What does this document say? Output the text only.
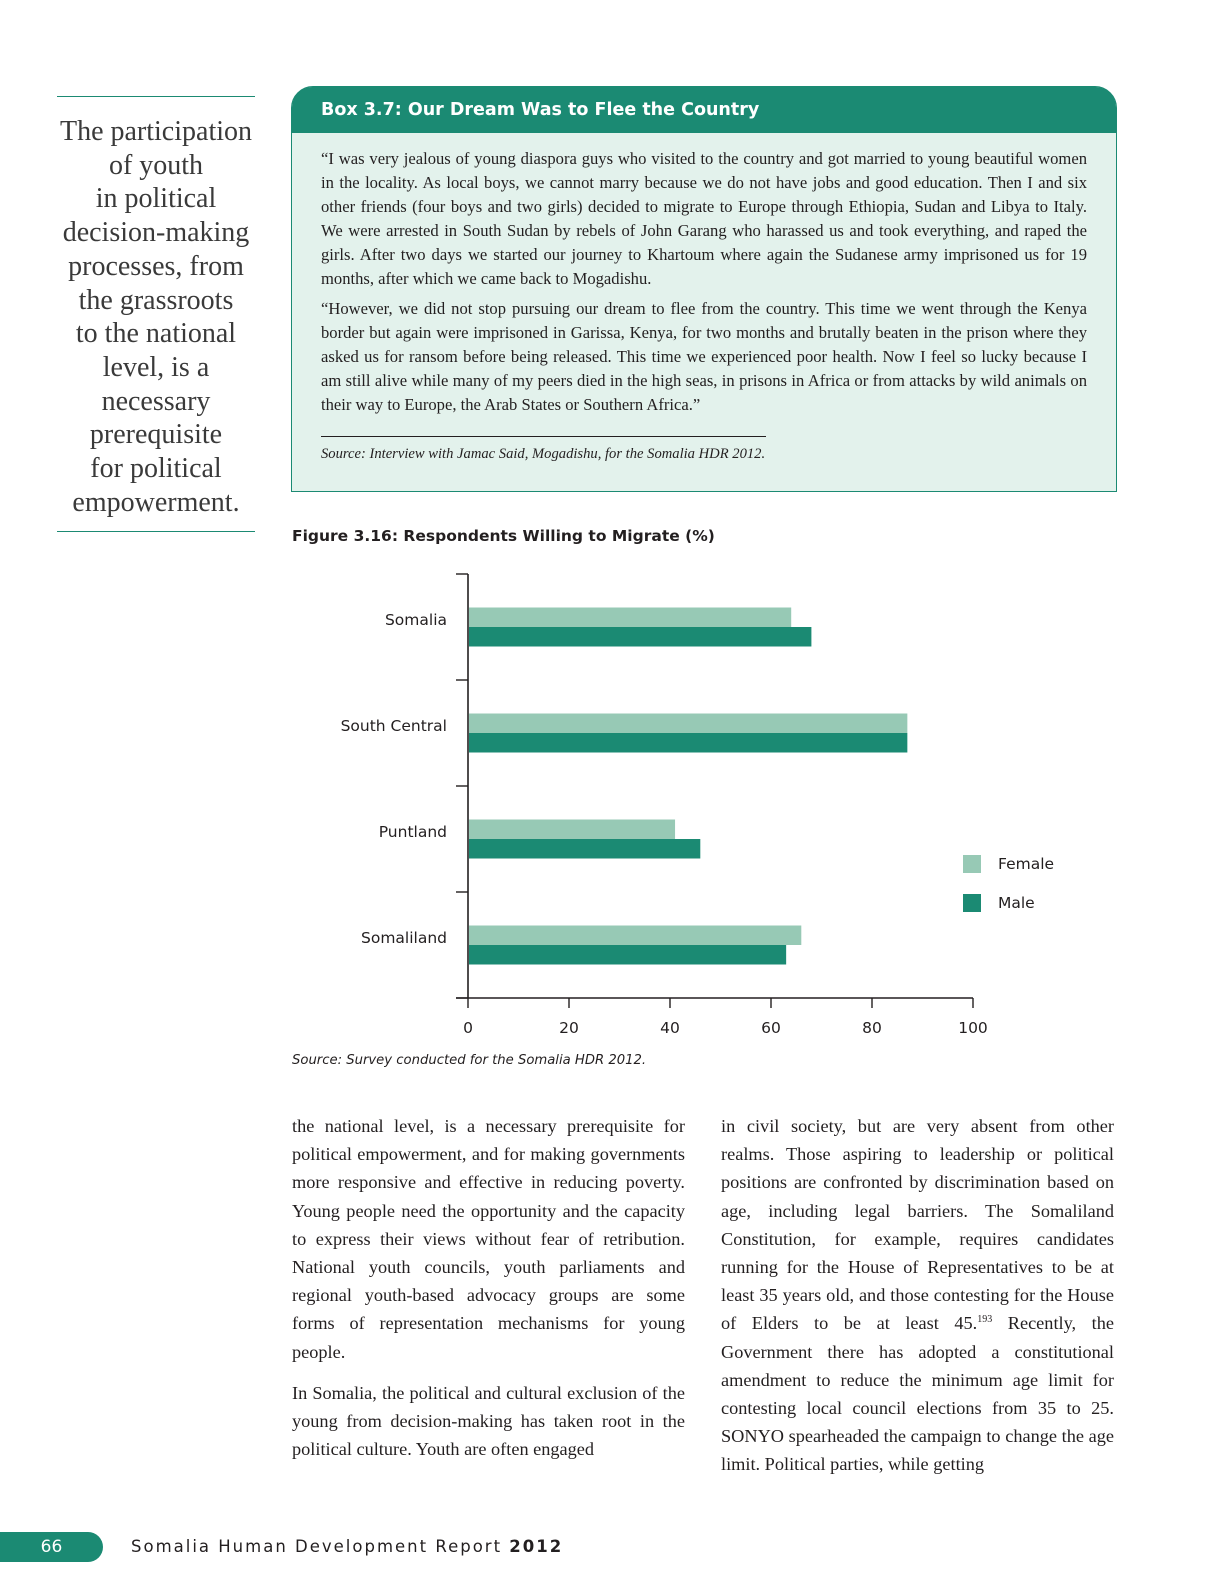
The participation
of youth
in political
decision-making
processes, from
the grassroots
to the national
level, is a
necessary
prerequisite
for political
empowerment.
Box 3.7: Our Dream Was to Flee the Country

“I was very jealous of young diaspora guys who visited to the country and got married to young beautiful women in the locality. As local boys, we cannot marry because we do not have jobs and good education. Then I and six other friends (four boys and two girls) decided to migrate to Europe through Ethiopia, Sudan and Libya to Italy. We were arrested in South Sudan by rebels of John Garang who harassed us and took everything, and raped the girls. After two days we started our journey to Khartoum where again the Sudanese army imprisoned us for 19 months, after which we came back to Mogadishu.

“However, we did not stop pursuing our dream to flee from the country. This time we went through the Kenya border but again were imprisoned in Garissa, Kenya, for two months and brutally beaten in the prison where they asked us for ransom before being released. This time we experienced poor health. Now I feel so lucky because I am still alive while many of my peers died in the high seas, in prisons in Africa or from attacks by wild animals on their way to Europe, the Arab States or Southern Africa.”

Source: Interview with Jamac Said, Mogadishu, for the Somalia HDR 2012.
Figure 3.16: Respondents Willing to Migrate (%)
0	20	40	60	80	100
Somalia
South Central
Puntland
Somaliland
Female
Male
Source: Survey conducted for the Somalia HDR 2012.

the national level, is a necessary prerequisite for political empowerment, and for making governments more responsive and effective in reducing poverty. Young people need the opportunity and the capacity to express their views without fear of retribution. National youth councils, youth parliaments and regional youth-based advocacy groups are some forms of representation mechanisms for young people.

In Somalia, the political and cultural exclusion of the young from decision-making has taken root in the political culture. Youth are often engaged

in civil society, but are very absent from other realms. Those aspiring to leadership or political positions are confronted by discrimination based on age, including legal barriers. The Somaliland Constitution, for example, requires candidates running for the House of Representatives to be at least 35 years old, and those contesting for the House of Elders to be at least 45.$^{193}$ Recently, the Government there has adopted a constitutional amendment to reduce the minimum age limit for contesting local council elections from 35 to 25. SONYO spearheaded the campaign to change the age limit. Political parties, while getting

66	Somalia Human Development Report 2012
